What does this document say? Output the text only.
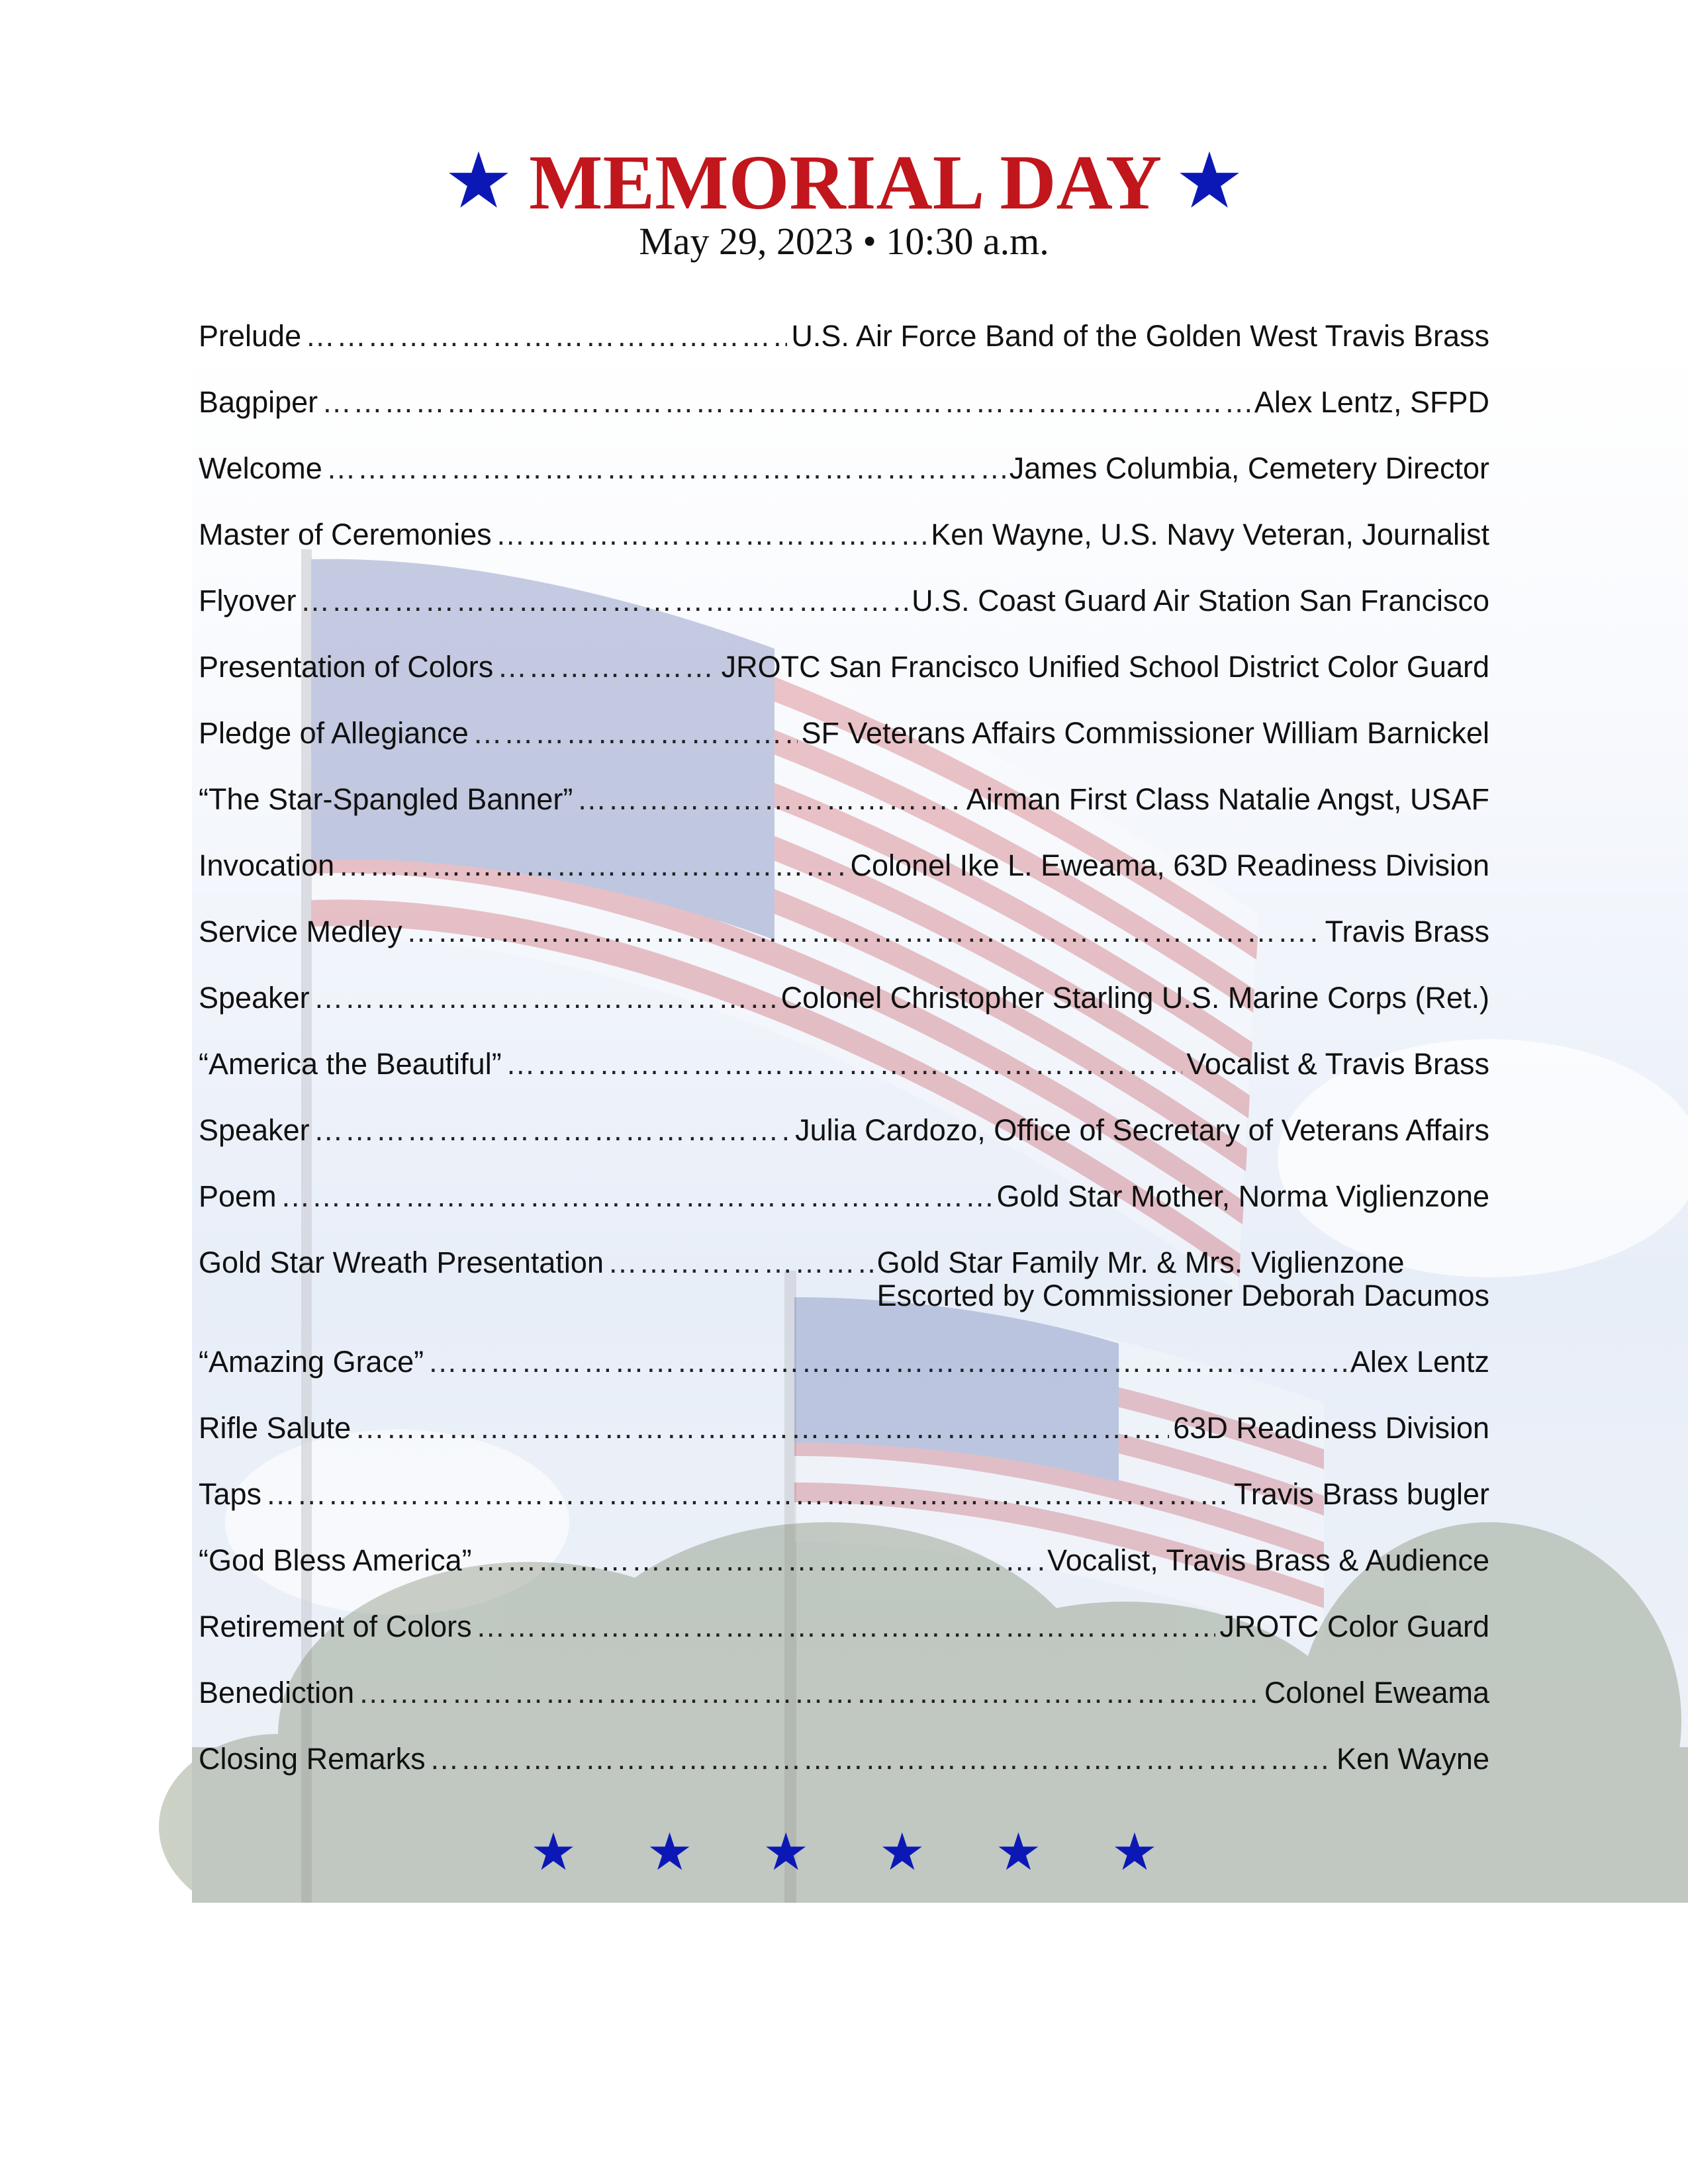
★ MEMORIAL DAY ★
May 29, 2023 • 10:30 a.m.
Prelude …………………………………………………………………………………………………………………………………………	U.S. Air Force Band of the Golden West Travis Brass
Bagpiper …………………………………………………………………………………………………………………………………………	Alex Lentz, SFPD
Welcome …………………………………………………………………………………………………………………………………………	James Columbia, Cemetery Director
Master of Ceremonies …………………………………………………………………………………………………………………………………………	Ken Wayne, U.S. Navy Veteran, Journalist
Flyover …………………………………………………………………………………………………………………………………………	U.S. Coast Guard Air Station San Francisco
Presentation of Colors …………………………………………………………………………………………………………………………………………	JROTC San Francisco Unified School District Color Guard
Pledge of Allegiance …………………………………………………………………………………………………………………………………………	SF Veterans Affairs Commissioner William Barnickel
“The Star-Spangled Banner” …………………………………………………………………………………………………………………………………………	Airman First Class Natalie Angst, USAF
Invocation …………………………………………………………………………………………………………………………………………	Colonel Ike L. Eweama, 63D Readiness Division
Service Medley …………………………………………………………………………………………………………………………………………	Travis Brass
Speaker …………………………………………………………………………………………………………………………………………	Colonel Christopher Starling U.S. Marine Corps (Ret.)
“America the Beautiful” …………………………………………………………………………………………………………………………………………	Vocalist & Travis Brass
Speaker …………………………………………………………………………………………………………………………………………	Julia Cardozo, Office of Secretary of Veterans Affairs
Poem …………………………………………………………………………………………………………………………………………	Gold Star Mother, Norma Viglienzone
Gold Star Wreath Presentation …………………………………………………………………………………………………………………………………………	Gold Star Family Mr. & Mrs. Viglienzone
Escorted by Commissioner Deborah Dacumos
“Amazing Grace” …………………………………………………………………………………………………………………………………………	Alex Lentz
Rifle Salute …………………………………………………………………………………………………………………………………………	63D Readiness Division
Taps …………………………………………………………………………………………………………………………………………	Travis Brass bugler
“God Bless America” …………………………………………………………………………………………………………………………………………	Vocalist, Travis Brass & Audience
Retirement of Colors …………………………………………………………………………………………………………………………………………	JROTC Color Guard
Benediction …………………………………………………………………………………………………………………………………………	Colonel Eweama
Closing Remarks …………………………………………………………………………………………………………………………………………	Ken Wayne
★ ★ ★ ★ ★ ★
